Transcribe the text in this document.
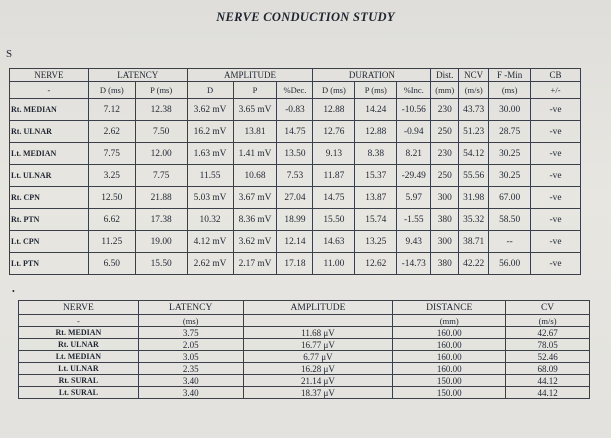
NERVE CONDUCTION STUDY
S
•
NERVE	LATENCY		AMPLITUDE			DURATION			Dist.	NCV	F -Min	CB
-	D (ms)	P (ms)	D	P	%Dec.	D (ms)	P (ms)	%Inc.	(mm)	(m/s)	(ms)	+/-
Rt. MEDIAN	7.12	12.38	3.62 mV	3.65 mV	-0.83	12.88	14.24	-10.56	230	43.73	30.00	-ve
Rt. ULNAR	2.62	7.50	16.2 mV	13.81	14.75	12.76	12.88	-0.94	250	51.23	28.75	-ve
Lt. MEDIAN	7.75	12.00	1.63 mV	1.41 mV	13.50	9.13	8.38	8.21	230	54.12	30.25	-ve
Lt. ULNAR	3.25	7.75	11.55	10.68	7.53	11.87	15.37	-29.49	250	55.56	30.25	-ve
Rt. CPN	12.50	21.88	5.03 mV	3.67 mV	27.04	14.75	13.87	5.97	300	31.98	67.00	-ve
Rt. PTN	6.62	17.38	10.32	8.36 mV	18.99	15.50	15.74	-1.55	380	35.32	58.50	-ve
Lt. CPN	11.25	19.00	4.12 mV	3.62 mV	12.14	14.63	13.25	9.43	300	38.71	--	-ve
Lt. PTN	6.50	15.50	2.62 mV	2.17 mV	17.18	11.00	12.62	-14.73	380	42.22	56.00	-ve
NERVE	LATENCY	AMPLITUDE	DISTANCE	CV
-	(ms)		(mm)	(m/s)
Rt. MEDIAN	3.75	11.68 μV	160.00	42.67
Rt. ULNAR	2.05	16.77 μV	160.00	78.05
Lt. MEDIAN	3.05	6.77 μV	160.00	52.46
Lt. ULNAR	2.35	16.28 μV	160.00	68.09
Rt. SURAL	3.40	21.14 μV	150.00	44.12
Lt. SURAL	3.40	18.37 μV	150.00	44.12
